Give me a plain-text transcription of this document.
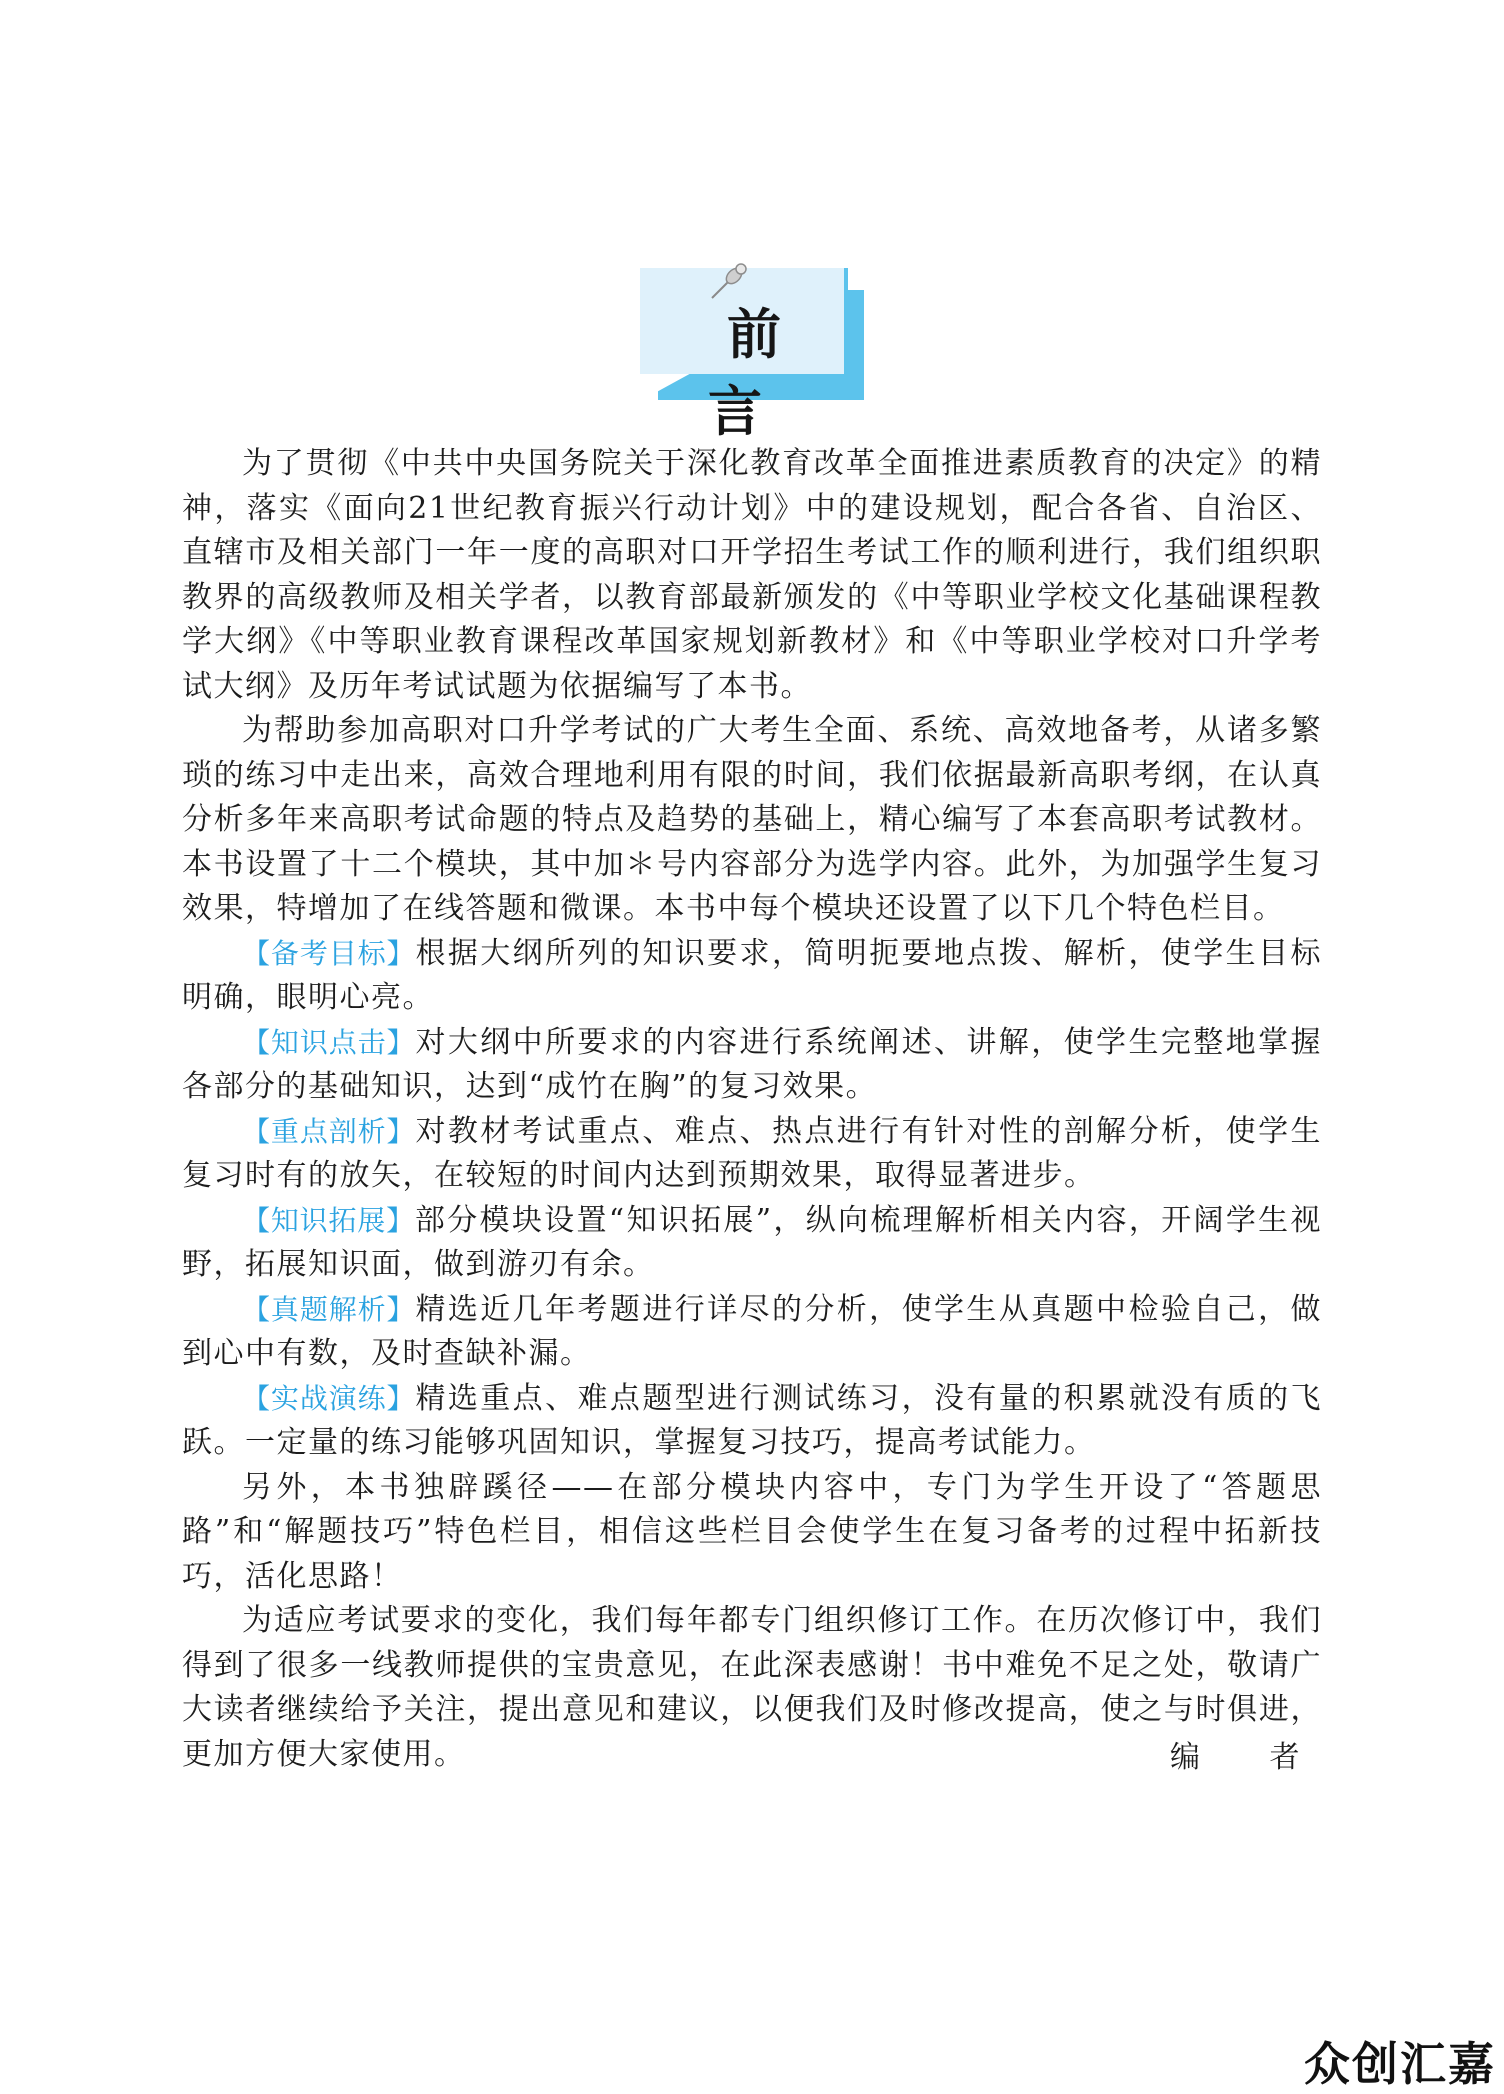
前 言

为了贯彻《中共中央国务院关于深化教育改革全面推进素质教育的决定》的精神，落实《面向21世纪教育振兴行动计划》中的建设规划，配合各省、自治区、直辖市及相关部门一年一度的高职对口开学招生考试工作的顺利进行，我们组织职教界的高级教师及相关学者，以教育部最新颁发的《中等职业学校文化基础课程教学大纲》《中等职业教育课程改革国家规划新教材》和《中等职业学校对口升学考试大纲》及历年考试试题为依据编写了本书。

为帮助参加高职对口升学考试的广大考生全面、系统、高效地备考，从诸多繁琐的练习中走出来，高效合理地利用有限的时间，我们依据最新高职考纲，在认真分析多年来高职考试命题的特点及趋势的基础上，精心编写了本套高职考试教材。本书设置了十二个模块，其中加＊号内容部分为选学内容。此外，为加强学生复习效果，特增加了在线答题和微课。本书中每个模块还设置了以下几个特色栏目。

【备考目标】根据大纲所列的知识要求，简明扼要地点拨、解析，使学生目标明确，眼明心亮。

【知识点击】对大纲中所要求的内容进行系统阐述、讲解，使学生完整地掌握各部分的基础知识，达到“成竹在胸”的复习效果。

【重点剖析】对教材考试重点、难点、热点进行有针对性的剖解分析，使学生复习时有的放矢，在较短的时间内达到预期效果，取得显著进步。

【知识拓展】部分模块设置“知识拓展”，纵向梳理解析相关内容，开阔学生视野，拓展知识面，做到游刃有余。

【真题解析】精选近几年考题进行详尽的分析，使学生从真题中检验自己，做到心中有数，及时查缺补漏。

【实战演练】精选重点、难点题型进行测试练习，没有量的积累就没有质的飞跃。一定量的练习能够巩固知识，掌握复习技巧，提高考试能力。

另外，本书独辟蹊径——在部分模块内容中，专门为学生开设了“答题思路”和“解题技巧”特色栏目，相信这些栏目会使学生在复习备考的过程中拓新技巧，活化思路！

为适应考试要求的变化，我们每年都专门组织修订工作。在历次修订中，我们得到了很多一线教师提供的宝贵意见，在此深表感谢！书中难免不足之处，敬请广大读者继续给予关注，提出意见和建议，以便我们及时修改提高，使之与时俱进，更加方便大家使用。	编 者
众创汇嘉
